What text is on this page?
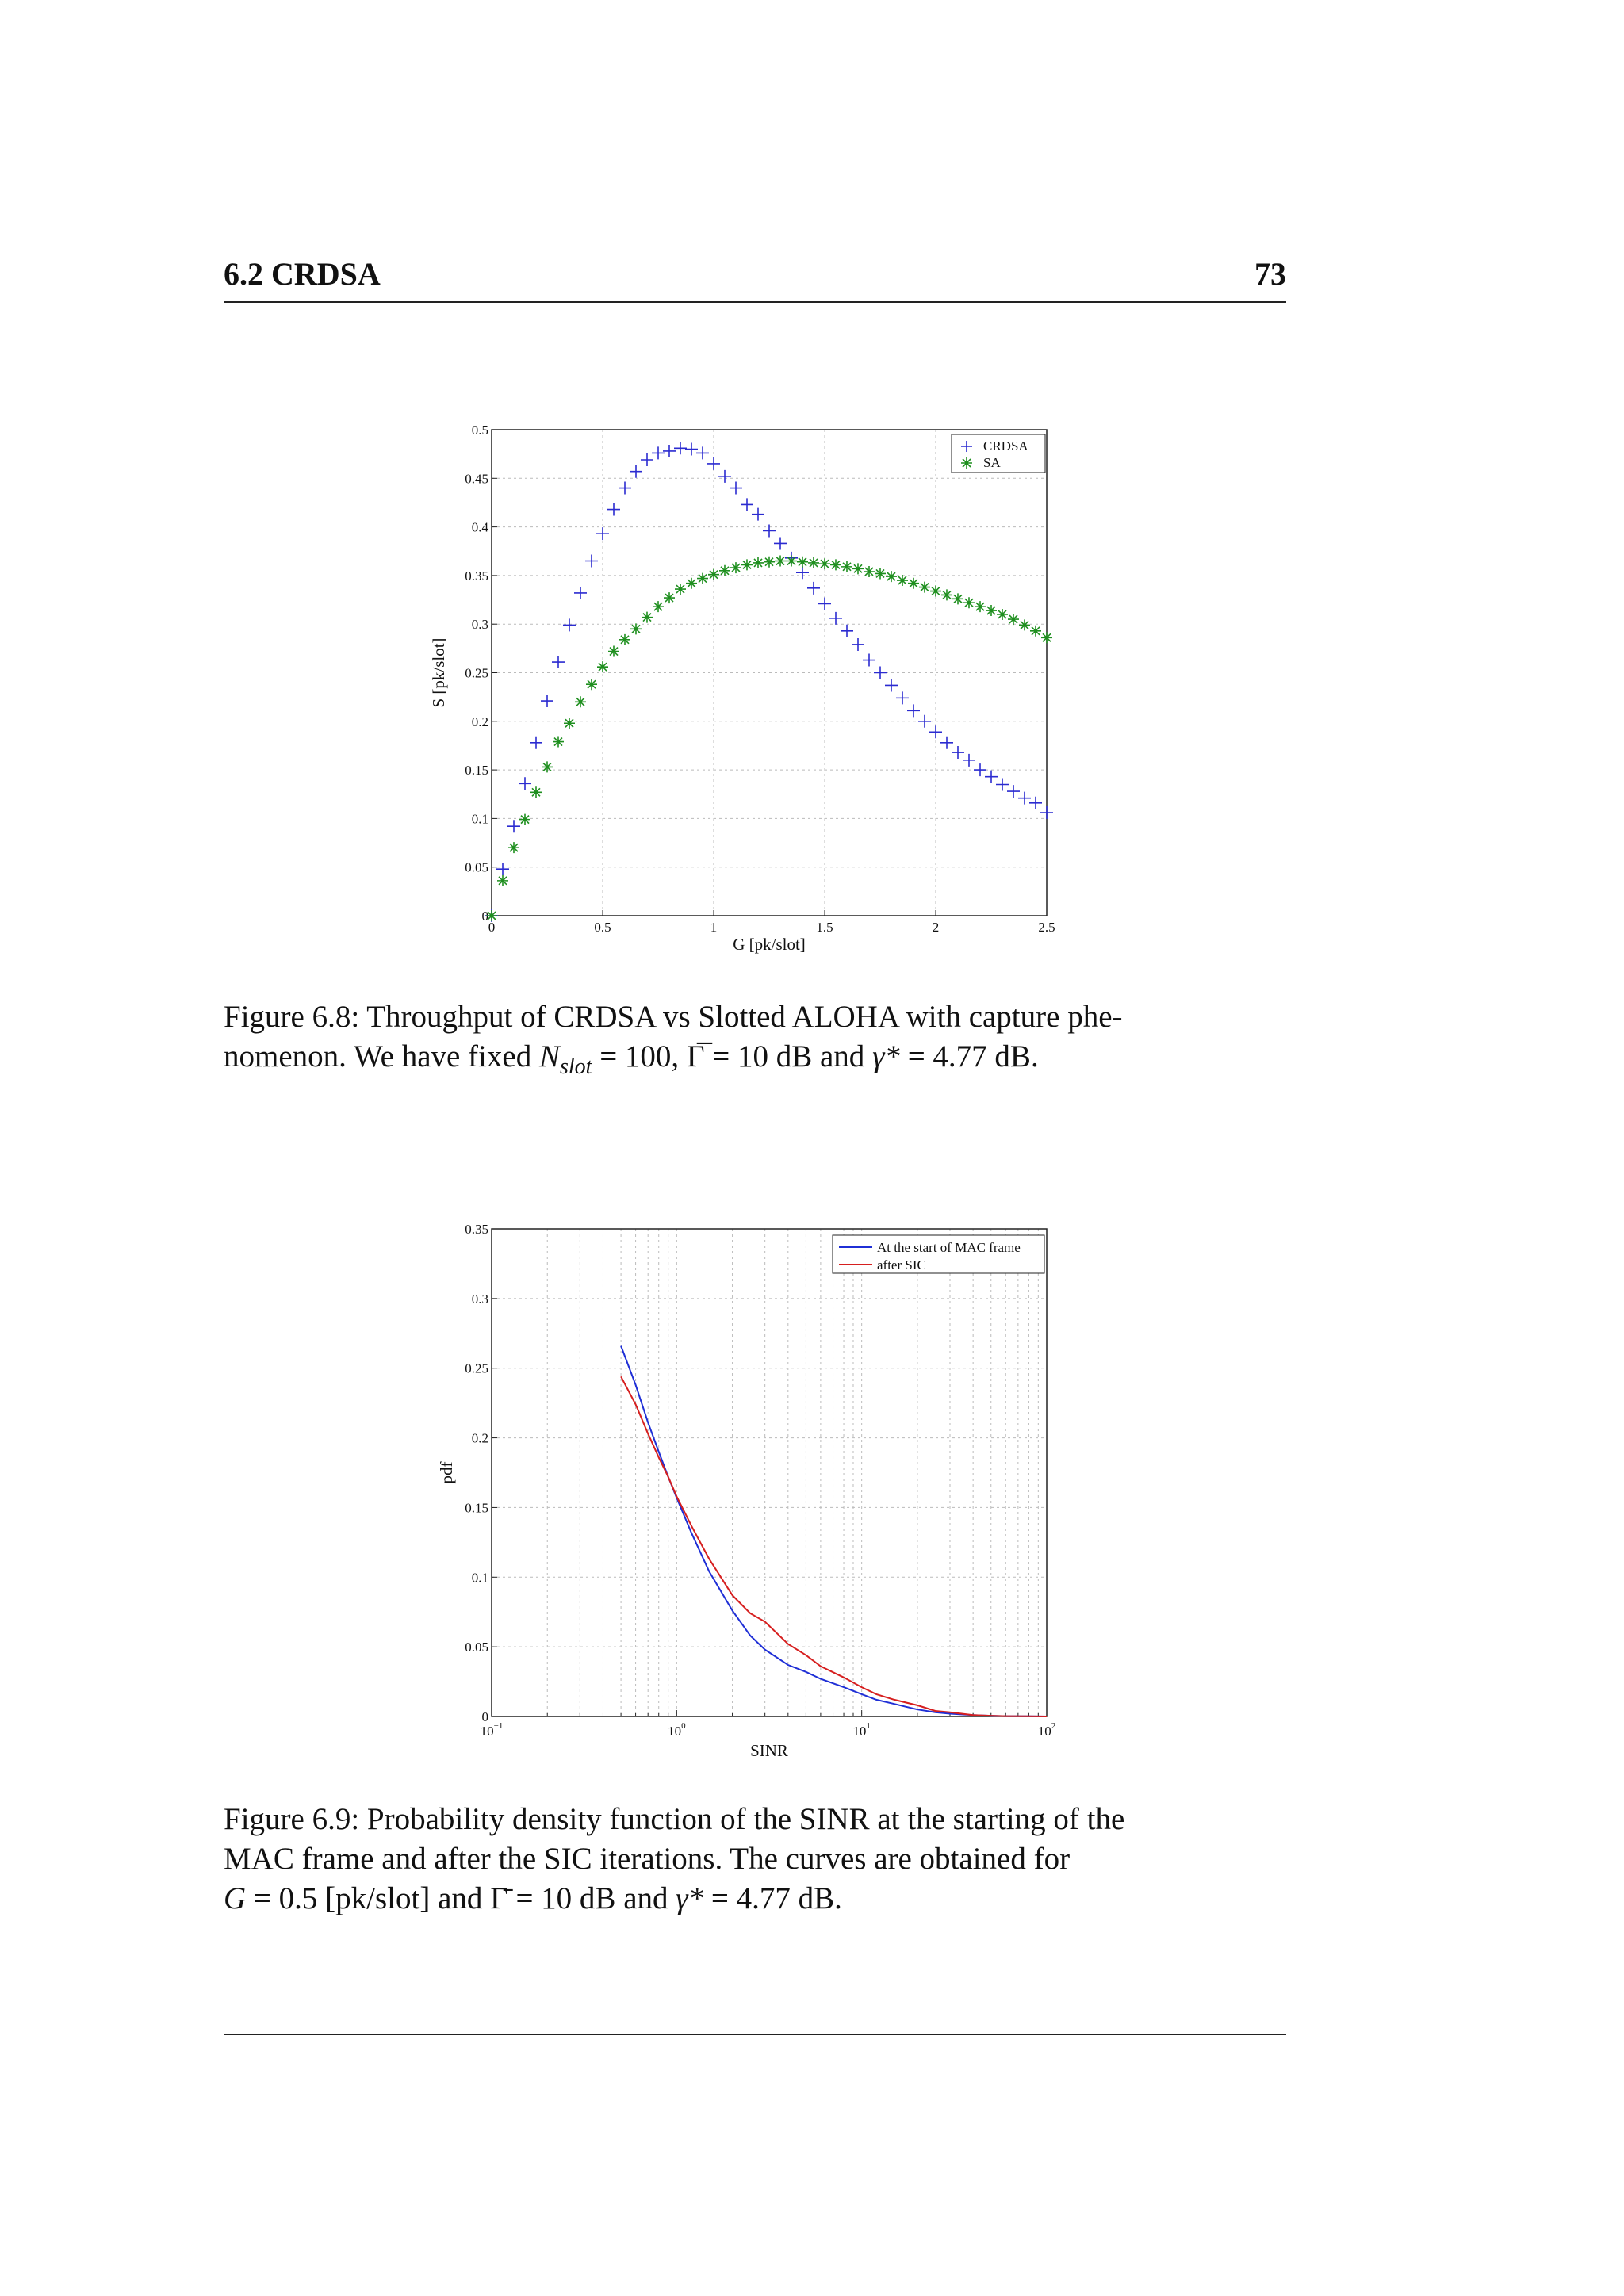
6.2 CRDSA	73
0	0.5	1	1.5	2	2.5
0
0.05
0.1
0.15
0.2
0.25
0.3
0.35
0.4
0.45
0.5
G [pk/slot]
S [pk/slot]
CRDSA
SA
Figure 6.8: Throughput of CRDSA vs Slotted ALOHA with capture phe-
nomenon. We have fixed $N_{slot} = 100$, Γ̅ = 10 dB and γ* = 4.77 dB.
$10^{-1}$	$10^0$	$10^1$	$10^2$
0
0.05
0.1
0.15
0.2
0.25
0.3
0.35
SINR
pdf
At the start of MAC frame
after SIC
Figure 6.9: Probability density function of the SINR at the starting of the
MAC frame and after the SIC iterations. The curves are obtained for
G = 0.5 [pk/slot] and Γ̄ = 10 dB and γ* = 4.77 dB.
